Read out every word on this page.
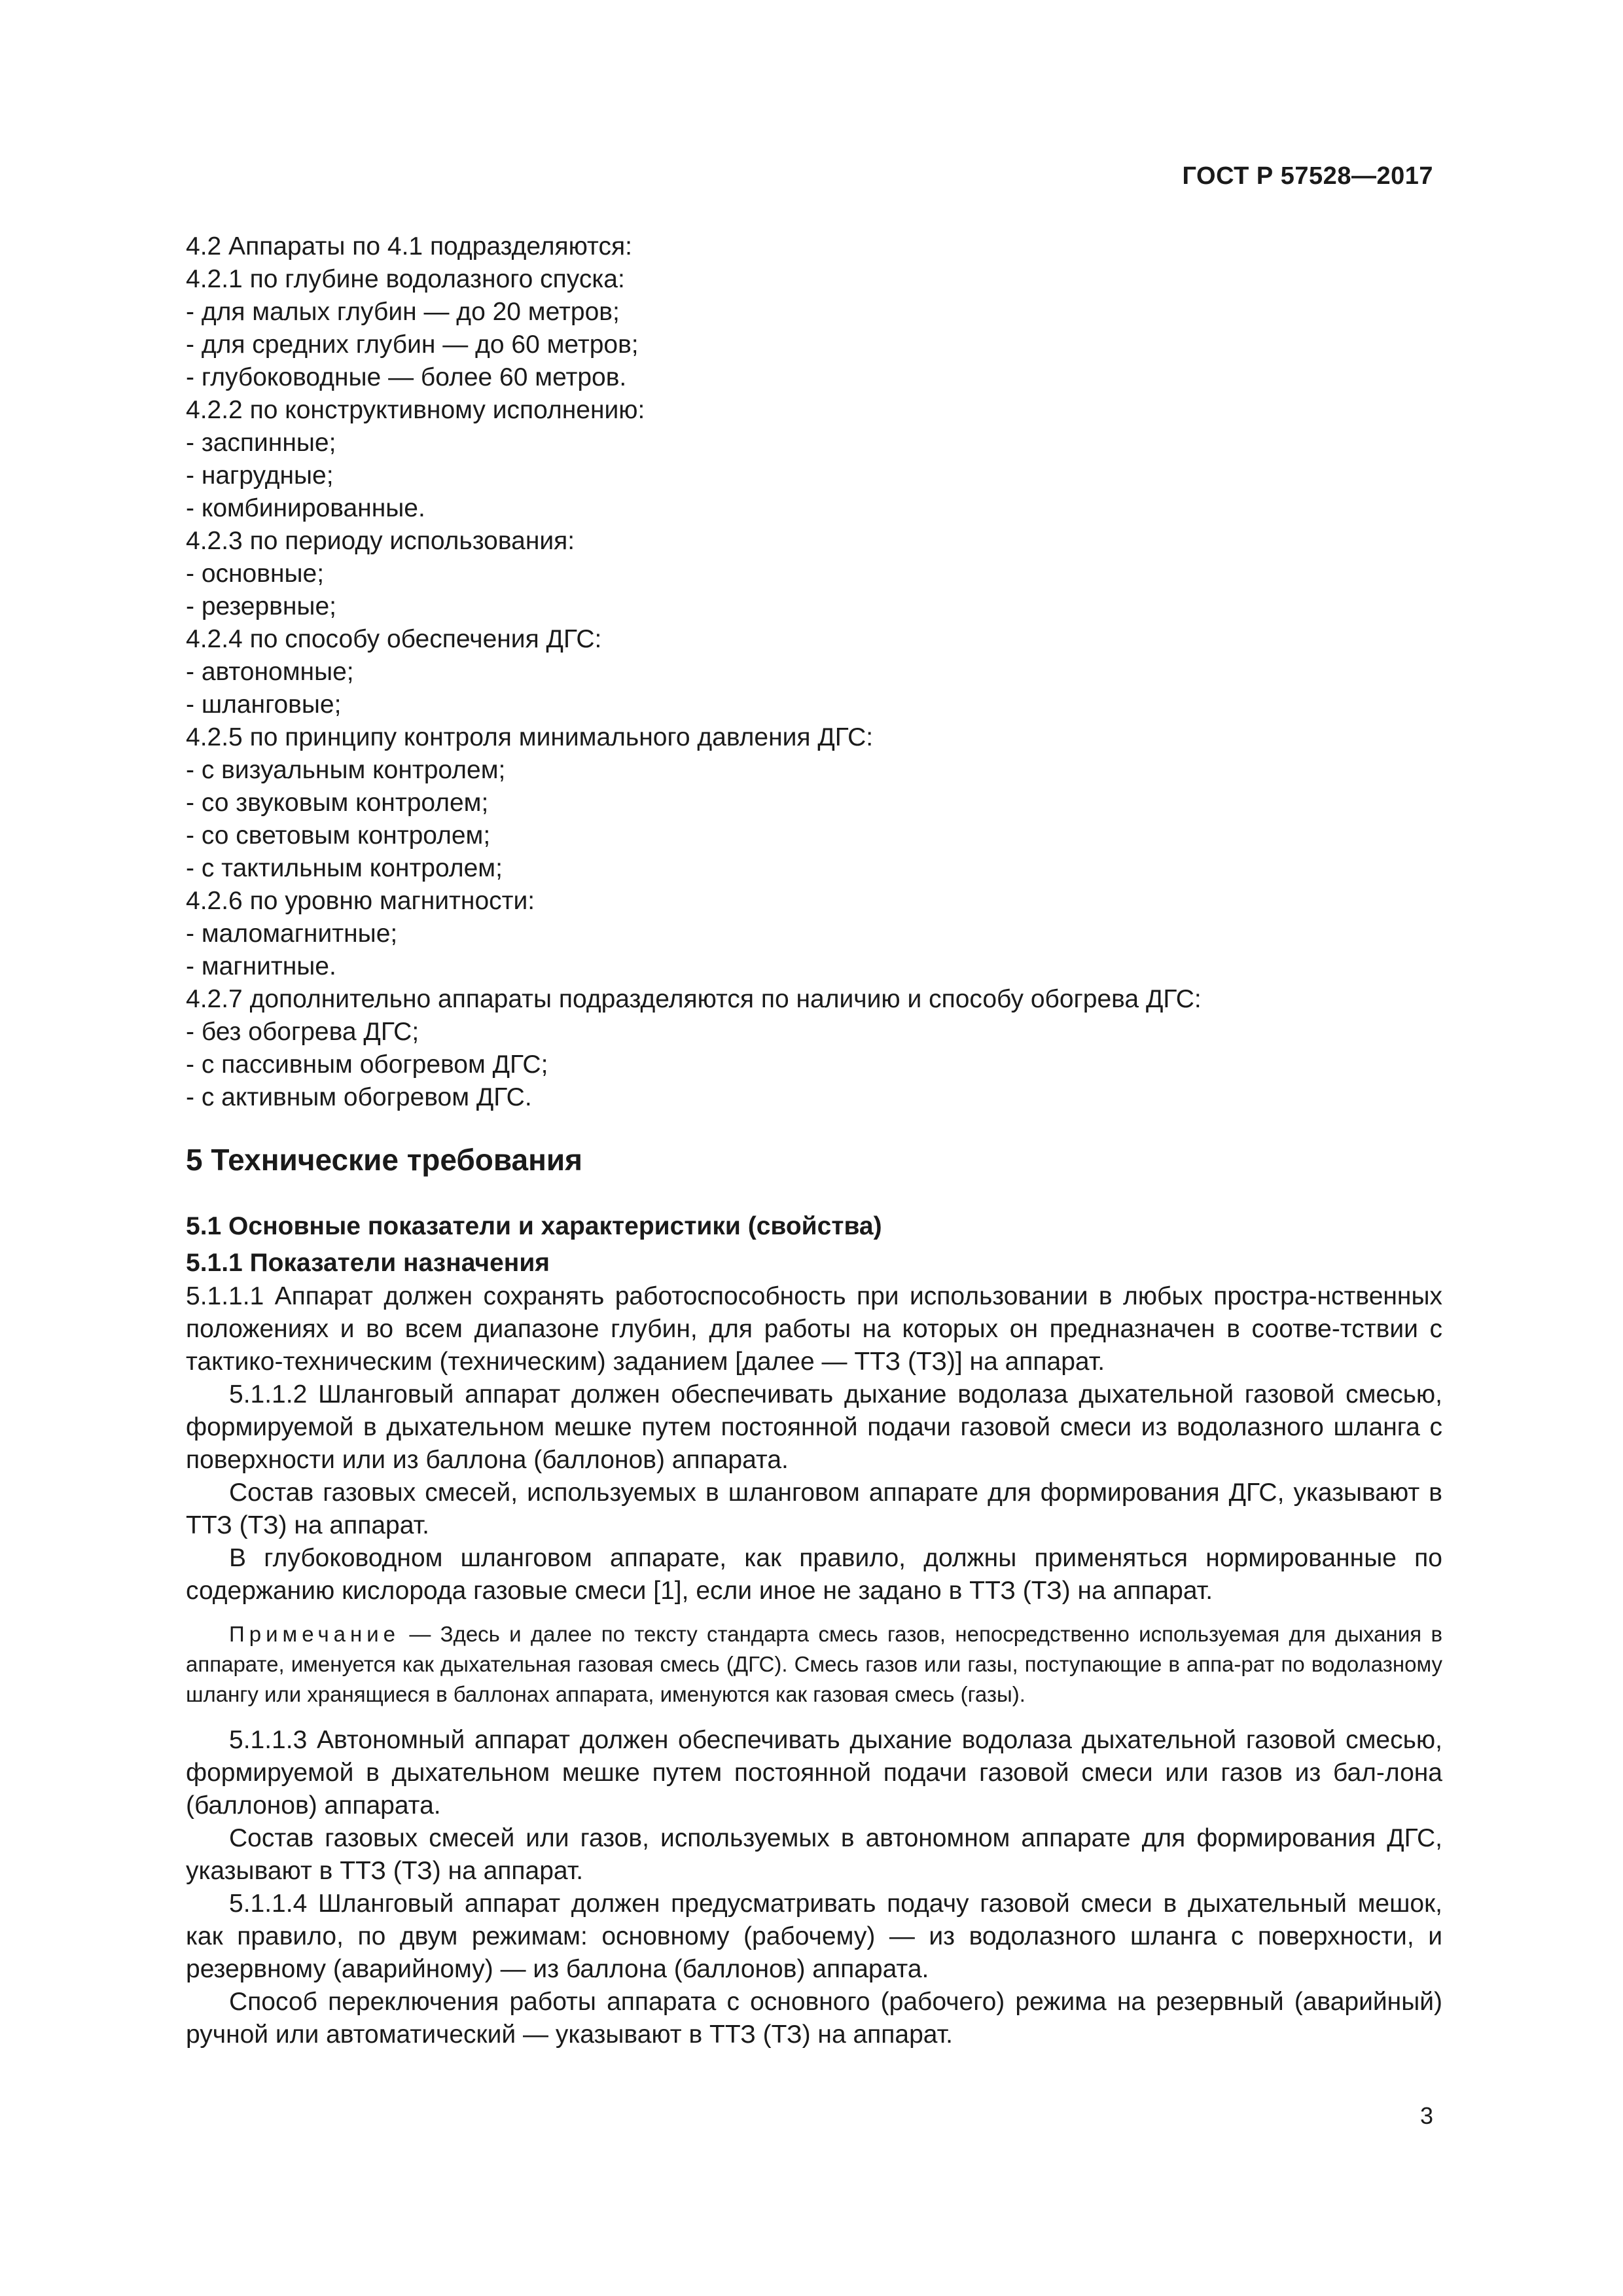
ГОСТ Р 57528—2017
4.2 Аппараты по 4.1 подразделяются:
4.2.1 по глубине водолазного спуска:
- для малых глубин — до 20 метров;
- для средних глубин — до 60 метров;
- глубоководные — более 60 метров.
4.2.2 по конструктивному исполнению:
- заспинные;
- нагрудные;
- комбинированные.
4.2.3 по периоду использования:
- основные;
- резервные;
4.2.4 по способу обеспечения ДГС:
- автономные;
- шланговые;
4.2.5 по принципу контроля минимального давления ДГС:
- с визуальным контролем;
- со звуковым контролем;
- со световым контролем;
- с тактильным контролем;
4.2.6 по уровню магнитности:
- маломагнитные;
- магнитные.
4.2.7 дополнительно аппараты подразделяются по наличию и способу обогрева ДГС:
- без обогрева ДГС;
- с пассивным обогревом ДГС;
- с активным обогревом ДГС.
5 Технические требования
5.1 Основные показатели и характеристики (свойства)
5.1.1 Показатели назначения
5.1.1.1 Аппарат должен сохранять работоспособность при использовании в любых простра-нственных положениях и во всем диапазоне глубин, для работы на которых он предназначен в соотве-тствии с тактико-техническим (техническим) заданием [далее — ТТЗ (ТЗ)] на аппарат.
5.1.1.2 Шланговый аппарат должен обеспечивать дыхание водолаза дыхательной газовой смесью, формируемой в дыхательном мешке путем постоянной подачи газовой смеси из водолазного шланга с поверхности или из баллона (баллонов) аппарата.
Состав газовых смесей, используемых в шланговом аппарате для формирования ДГС, указывают в ТТЗ (ТЗ) на аппарат.
В глубоководном шланговом аппарате, как правило, должны применяться нормированные по содержанию кислорода газовые смеси [1], если иное не задано в ТТЗ (ТЗ) на аппарат.
Примечание — Здесь и далее по тексту стандарта смесь газов, непосредственно используемая для дыхания в аппарате, именуется как дыхательная газовая смесь (ДГС). Смесь газов или газы, поступающие в аппа-рат по водолазному шлангу или хранящиеся в баллонах аппарата, именуются как газовая смесь (газы).
5.1.1.3 Автономный аппарат должен обеспечивать дыхание водолаза дыхательной газовой смесью, формируемой в дыхательном мешке путем постоянной подачи газовой смеси или газов из бал-лона (баллонов) аппарата.
Состав газовых смесей или газов, используемых в автономном аппарате для формирования ДГС, указывают в ТТЗ (ТЗ) на аппарат.
5.1.1.4 Шланговый аппарат должен предусматривать подачу газовой смеси в дыхательный мешок, как правило, по двум режимам: основному (рабочему) — из водолазного шланга с поверхности, и резервному (аварийному) — из баллона (баллонов) аппарата.
Способ переключения работы аппарата с основного (рабочего) режима на резервный (аварийный) ручной или автоматический — указывают в ТТЗ (ТЗ) на аппарат.
3
